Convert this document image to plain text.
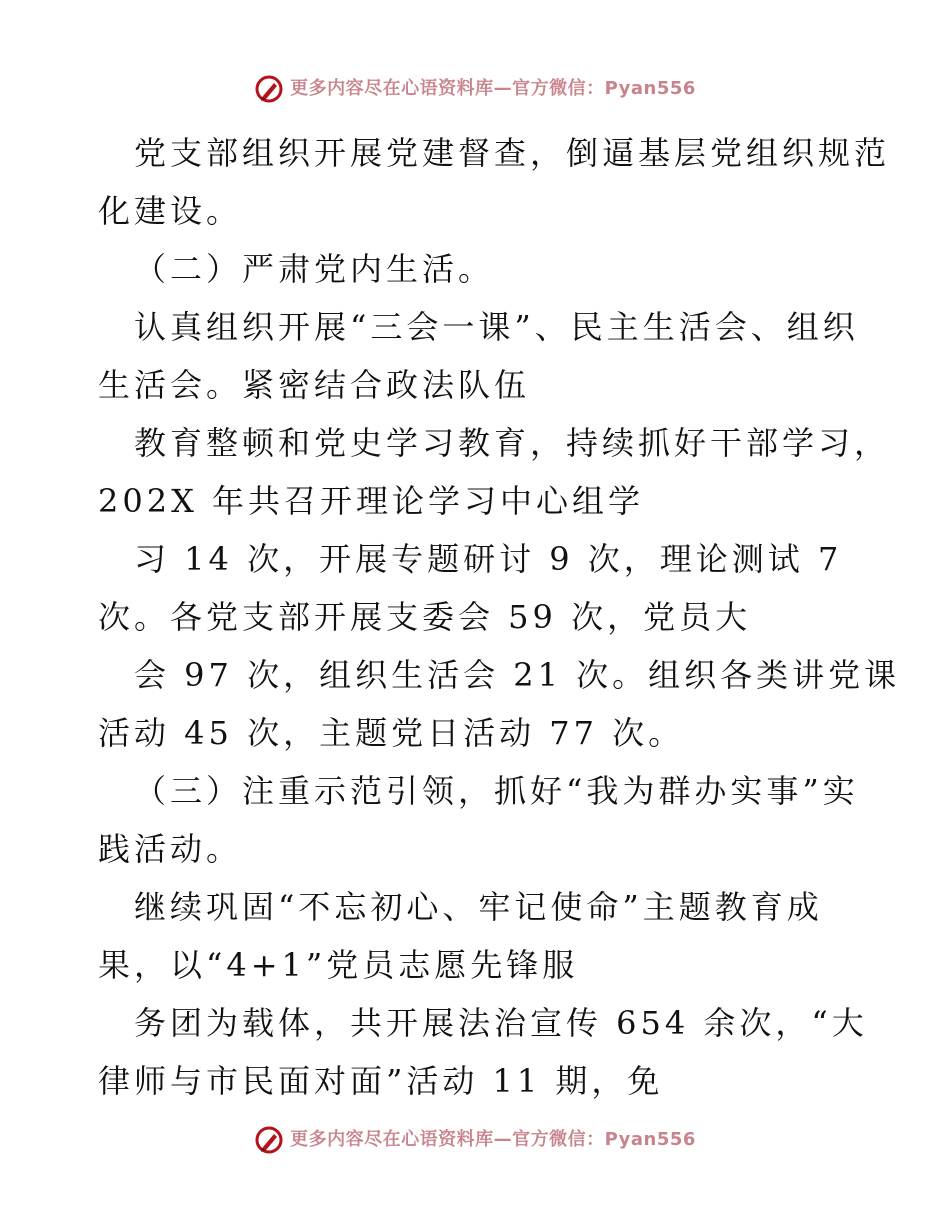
更多内容尽在心语资料库—官方微信：Pyan556

党支部组织开展党建督查，倒逼基层党组织规范

化建设。

（二）严肃党内生活。

认真组织开展“三会一课”、民主生活会、组织

生活会。紧密结合政法队伍

教育整顿和党史学习教育，持续抓好干部学习，

202X 年共召开理论学习中心组学

习 14 次，开展专题研讨 9 次，理论测试 7

次。各党支部开展支委会 59 次，党员大

会 97 次，组织生活会 21 次。组织各类讲党课

活动 45 次，主题党日活动 77 次。

（三）注重示范引领，抓好“我为群办实事”实

践活动。

继续巩固“不忘初心、牢记使命”主题教育成

果，以“4+1”党员志愿先锋服

务团为载体，共开展法治宣传 654 余次，“大

律师与市民面对面”活动 11 期，免

更多内容尽在心语资料库—官方微信：Pyan556
